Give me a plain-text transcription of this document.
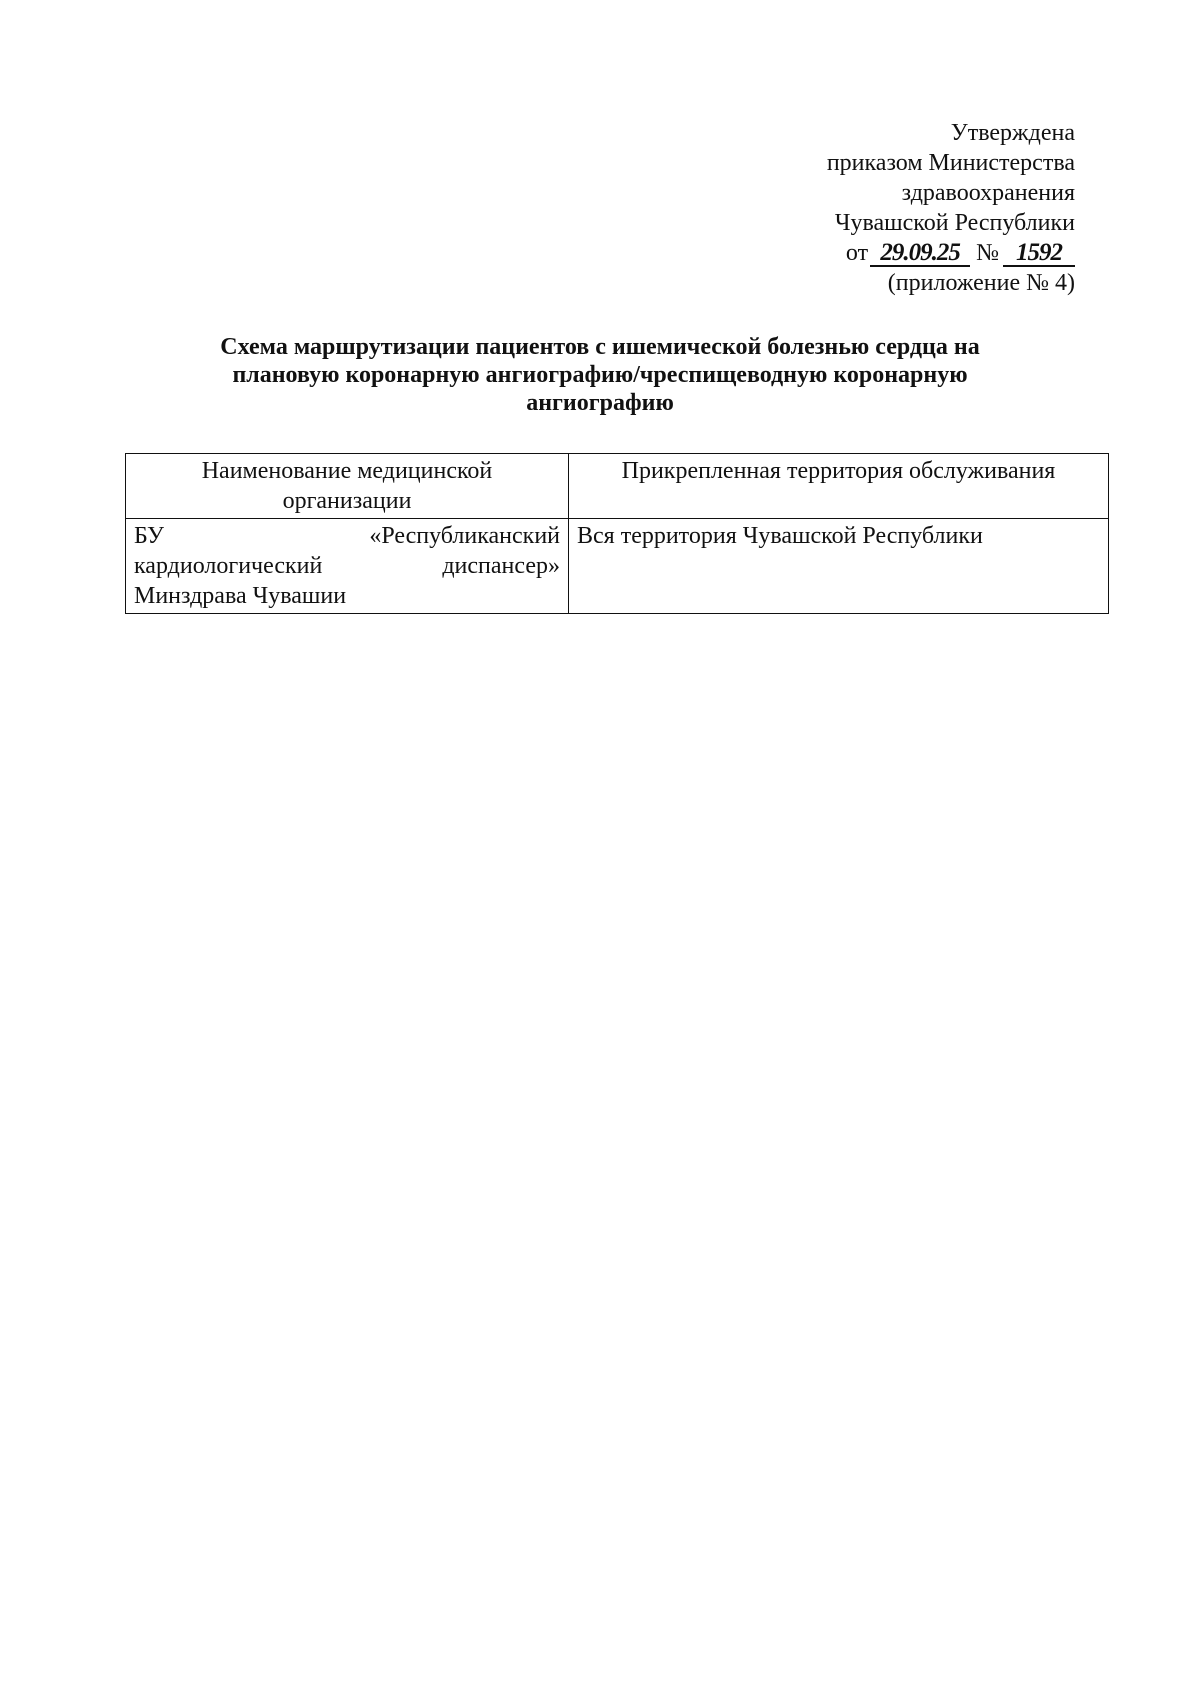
Утверждена
приказом Министерства
здравоохранения
Чувашской Республики
от 29.09.25 № 1592
(приложение № 4)
Схема маршрутизации пациентов с ишемической болезнью сердца на
плановую коронарную ангиографию/чреспищеводную коронарную
ангиографию
Наименование медицинской
организации	Прикрепленная территория обслуживания

БУ «Республиканский
кардиологический диспансер»
Минздрава Чувашии	Вся территория Чувашской Республики
